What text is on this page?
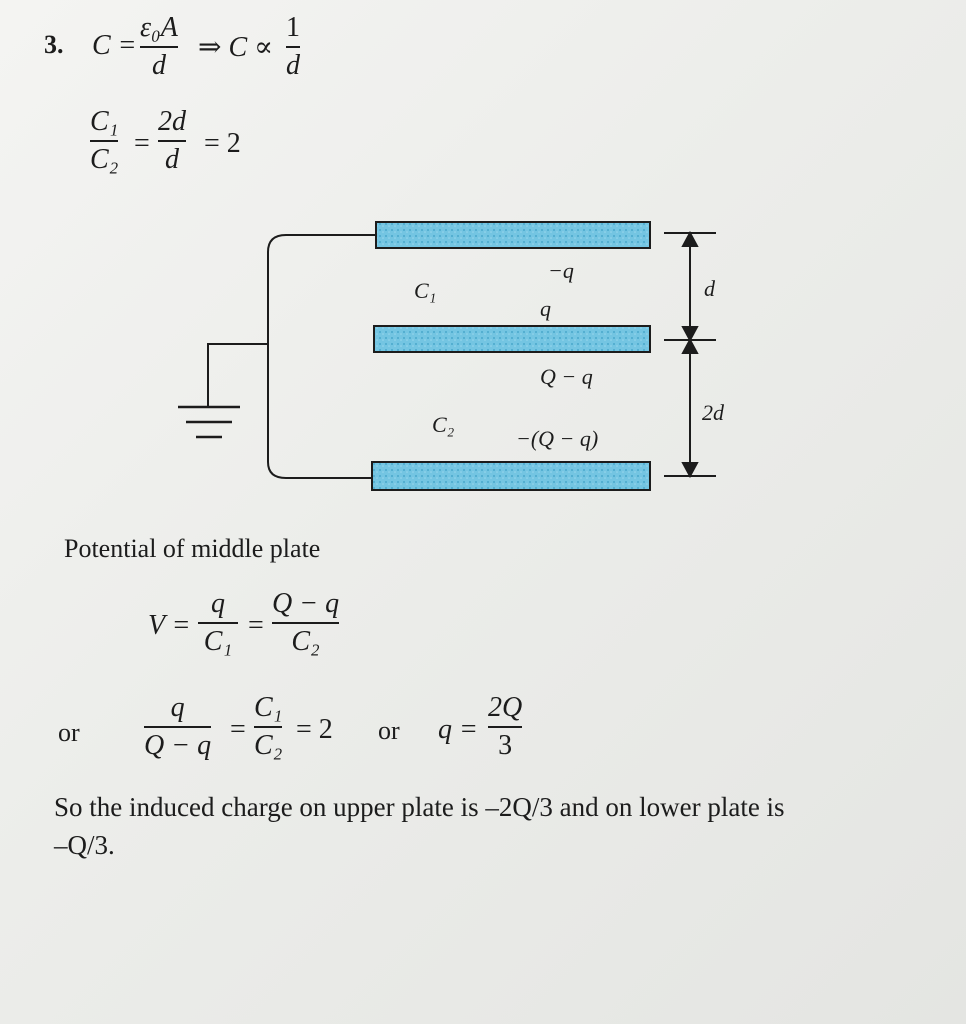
3. C =
ε₀A
d
⇒ C ∝
1
d
C₁
C₂
=
2d
d
= 2
C₁
C₂
−q
q
Q − q
−(Q − q)
d
2d
Potential of middle plate
V =
q
C₁
=
Q − q
C₂
or
q
Q − q
=
C₁
C₂
= 2 or q =
2Q
3
So the induced charge on upper plate is –2Q/3 and on lower plate is
–Q/3.
